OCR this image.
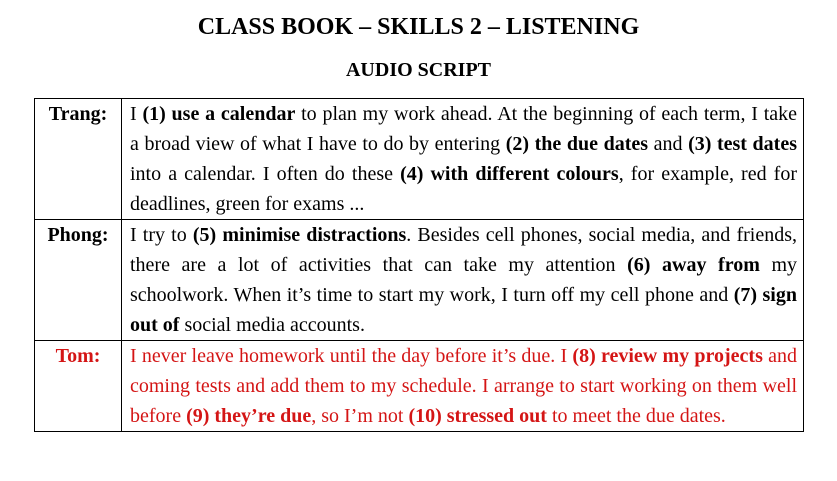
CLASS BOOK – SKILLS 2 – LISTENING
AUDIO SCRIPT
Trang:	I (1) use a calendar to plan my work ahead. At the beginning of each term, I take a broad view of what I have to do by entering (2) the due dates and (3) test dates into a calendar. I often do these (4) with different colours, for example, red for deadlines, green for exams ...
Phong:	I try to (5) minimise distractions. Besides cell phones, social media, and friends, there are a lot of activities that can take my attention (6) away from my schoolwork. When it’s time to start my work, I turn off my cell phone and (7) sign out of social media accounts.
Tom:	I never leave homework until the day before it’s due. I (8) review my projects and coming tests and add them to my schedule. I arrange to start working on them well before (9) they’re due, so I’m not (10) stressed out to meet the due dates.
